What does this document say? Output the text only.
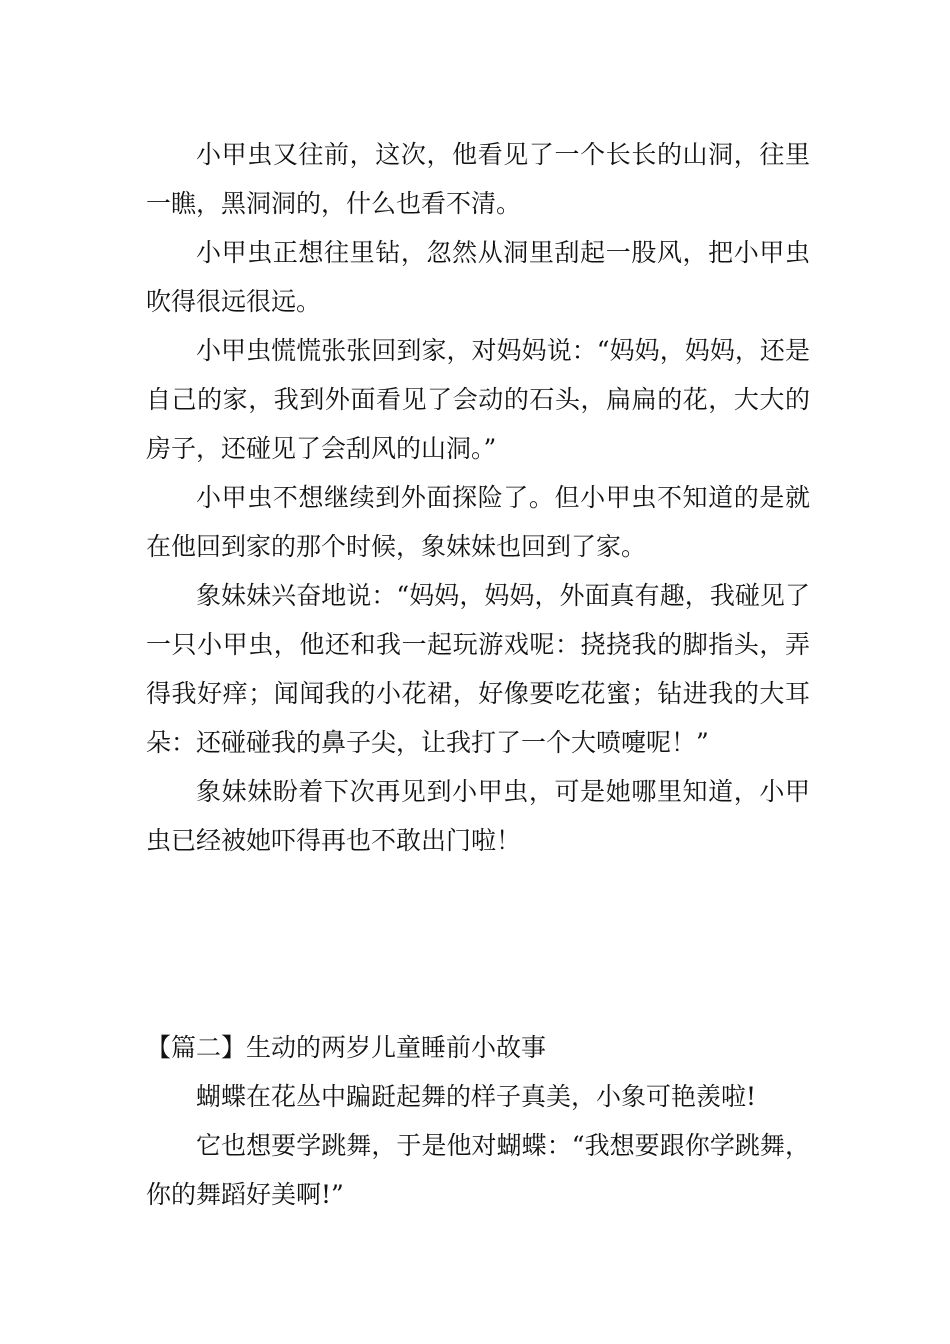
小甲虫又往前，这次，他看见了一个长长的山洞，往里一瞧，黑洞洞的，什么也看不清。

小甲虫正想往里钻，忽然从洞里刮起一股风，把小甲虫吹得很远很远。

小甲虫慌慌张张回到家，对妈妈说：“妈妈，妈妈，还是自己的家，我到外面看见了会动的石头，扁扁的花，大大的房子，还碰见了会刮风的山洞。”

小甲虫不想继续到外面探险了。但小甲虫不知道的是就在他回到家的那个时候，象妹妹也回到了家。

象妹妹兴奋地说：“妈妈，妈妈，外面真有趣，我碰见了一只小甲虫，他还和我一起玩游戏呢：挠挠我的脚指头，弄得我好痒；闻闻我的小花裙，好像要吃花蜜；钻进我的大耳朵：还碰碰我的鼻子尖，让我打了一个大喷嚏呢！”

象妹妹盼着下次再见到小甲虫，可是她哪里知道，小甲虫已经被她吓得再也不敢出门啦！

【篇二】生动的两岁儿童睡前小故事

蝴蝶在花丛中蹁跹起舞的样子真美，小象可艳羡啦!

它也想要学跳舞，于是他对蝴蝶：“我想要跟你学跳舞，你的舞蹈好美啊!”
